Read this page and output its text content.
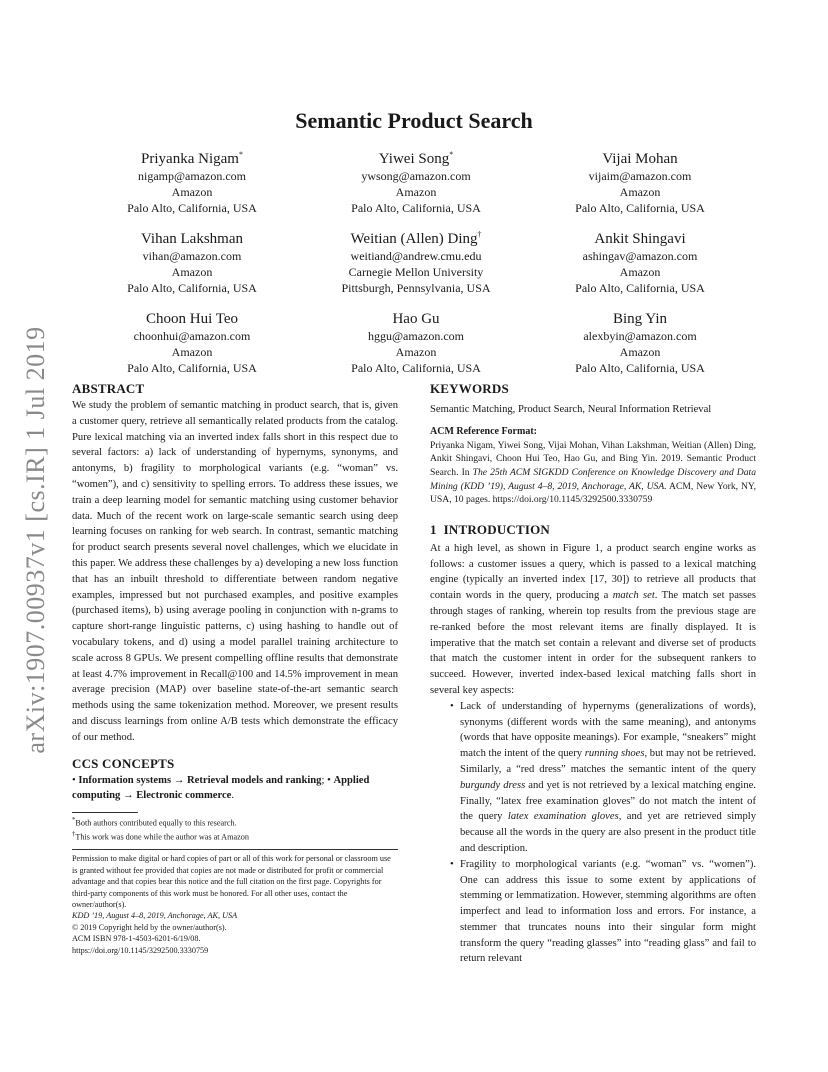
arXiv:1907.00937v1 [cs.IR] 1 Jul 2019
Semantic Product Search
Priyanka Nigam*
nigamp@amazon.com
Amazon
Palo Alto, California, USA
Yiwei Song*
ywsong@amazon.com
Amazon
Palo Alto, California, USA
Vijai Mohan
vijaim@amazon.com
Amazon
Palo Alto, California, USA
Vihan Lakshman
vihan@amazon.com
Amazon
Palo Alto, California, USA
Weitian (Allen) Ding†
weitiand@andrew.cmu.edu
Carnegie Mellon University
Pittsburgh, Pennsylvania, USA
Ankit Shingavi
ashingav@amazon.com
Amazon
Palo Alto, California, USA
Choon Hui Teo
choonhui@amazon.com
Amazon
Palo Alto, California, USA
Hao Gu
hggu@amazon.com
Amazon
Palo Alto, California, USA
Bing Yin
alexbyin@amazon.com
Amazon
Palo Alto, California, USA
ABSTRACT

We study the problem of semantic matching in product search, that is, given a customer query, retrieve all semantically related products from the catalog. Pure lexical matching via an inverted index falls short in this respect due to several factors: a) lack of understanding of hypernyms, synonyms, and antonyms, b) fragility to morphological variants (e.g. “woman” vs. “women”), and c) sensitivity to spelling errors. To address these issues, we train a deep learning model for semantic matching using customer behavior data. Much of the recent work on large-scale semantic search using deep learning focuses on ranking for web search. In contrast, semantic matching for product search presents several novel challenges, which we elucidate in this paper. We address these challenges by a) developing a new loss function that has an inbuilt threshold to differentiate between random negative examples, impressed but not purchased examples, and positive examples (purchased items), b) using average pooling in conjunction with n-grams to capture short-range linguistic patterns, c) using hashing to handle out of vocabulary tokens, and d) using a model parallel training architecture to scale across 8 GPUs. We present compelling offline results that demonstrate at least 4.7% improvement in Recall@100 and 14.5% improvement in mean average precision (MAP) over baseline state-of-the-art semantic search methods using the same tokenization method. Moreover, we present results and discuss learnings from online A/B tests which demonstrate the efficacy of our method.

CCS CONCEPTS

• Information systems → Retrieval models and ranking; • Applied computing → Electronic commerce.

*Both authors contributed equally to this research.
†This work was done while the author was at Amazon
Permission to make digital or hard copies of part or all of this work for personal or classroom use is granted without fee provided that copies are not made or distributed for profit or commercial advantage and that copies bear this notice and the full citation on the first page. Copyrights for third-party components of this work must be honored. For all other uses, contact the owner/author(s).
KDD ’19, August 4–8, 2019, Anchorage, AK, USA
© 2019 Copyright held by the owner/author(s).
ACM ISBN 978-1-4503-6201-6/19/08.
https://doi.org/10.1145/3292500.3330759
KEYWORDS

Semantic Matching, Product Search, Neural Information Retrieval

ACM Reference Format:

Priyanka Nigam, Yiwei Song, Vijai Mohan, Vihan Lakshman, Weitian (Allen) Ding, Ankit Shingavi, Choon Hui Teo, Hao Gu, and Bing Yin. 2019. Semantic Product Search. In The 25th ACM SIGKDD Conference on Knowledge Discovery and Data Mining (KDD ’19), August 4–8, 2019, Anchorage, AK, USA. ACM, New York, NY, USA, 10 pages. https://doi.org/10.1145/3292500.3330759

1 INTRODUCTION

At a high level, as shown in Figure 1, a product search engine works as follows: a customer issues a query, which is passed to a lexical matching engine (typically an inverted index [17, 30]) to retrieve all products that contain words in the query, producing a match set. The match set passes through stages of ranking, wherein top results from the previous stage are re-ranked before the most relevant items are finally displayed. It is imperative that the match set contain a relevant and diverse set of products that match the customer intent in order for the subsequent rankers to succeed. However, inverted index-based lexical matching falls short in several key aspects:

• Lack of understanding of hypernyms (generalizations of words), synonyms (different words with the same meaning), and antonyms (words that have opposite meanings). For example, “sneakers” might match the intent of the query running shoes, but may not be retrieved. Similarly, a “red dress” matches the semantic intent of the query burgundy dress and yet is not retrieved by a lexical matching engine. Finally, “latex free examination gloves” do not match the intent of the query latex examination gloves, and yet are retrieved simply because all the words in the query are also present in the product title and description.
• Fragility to morphological variants (e.g. “woman” vs. “women”). One can address this issue to some extent by applications of stemming or lemmatization. However, stemming algorithms are often imperfect and lead to information loss and errors. For instance, a stemmer that truncates nouns into their singular form might transform the query “reading glasses” into “reading glass” and fail to return relevant
